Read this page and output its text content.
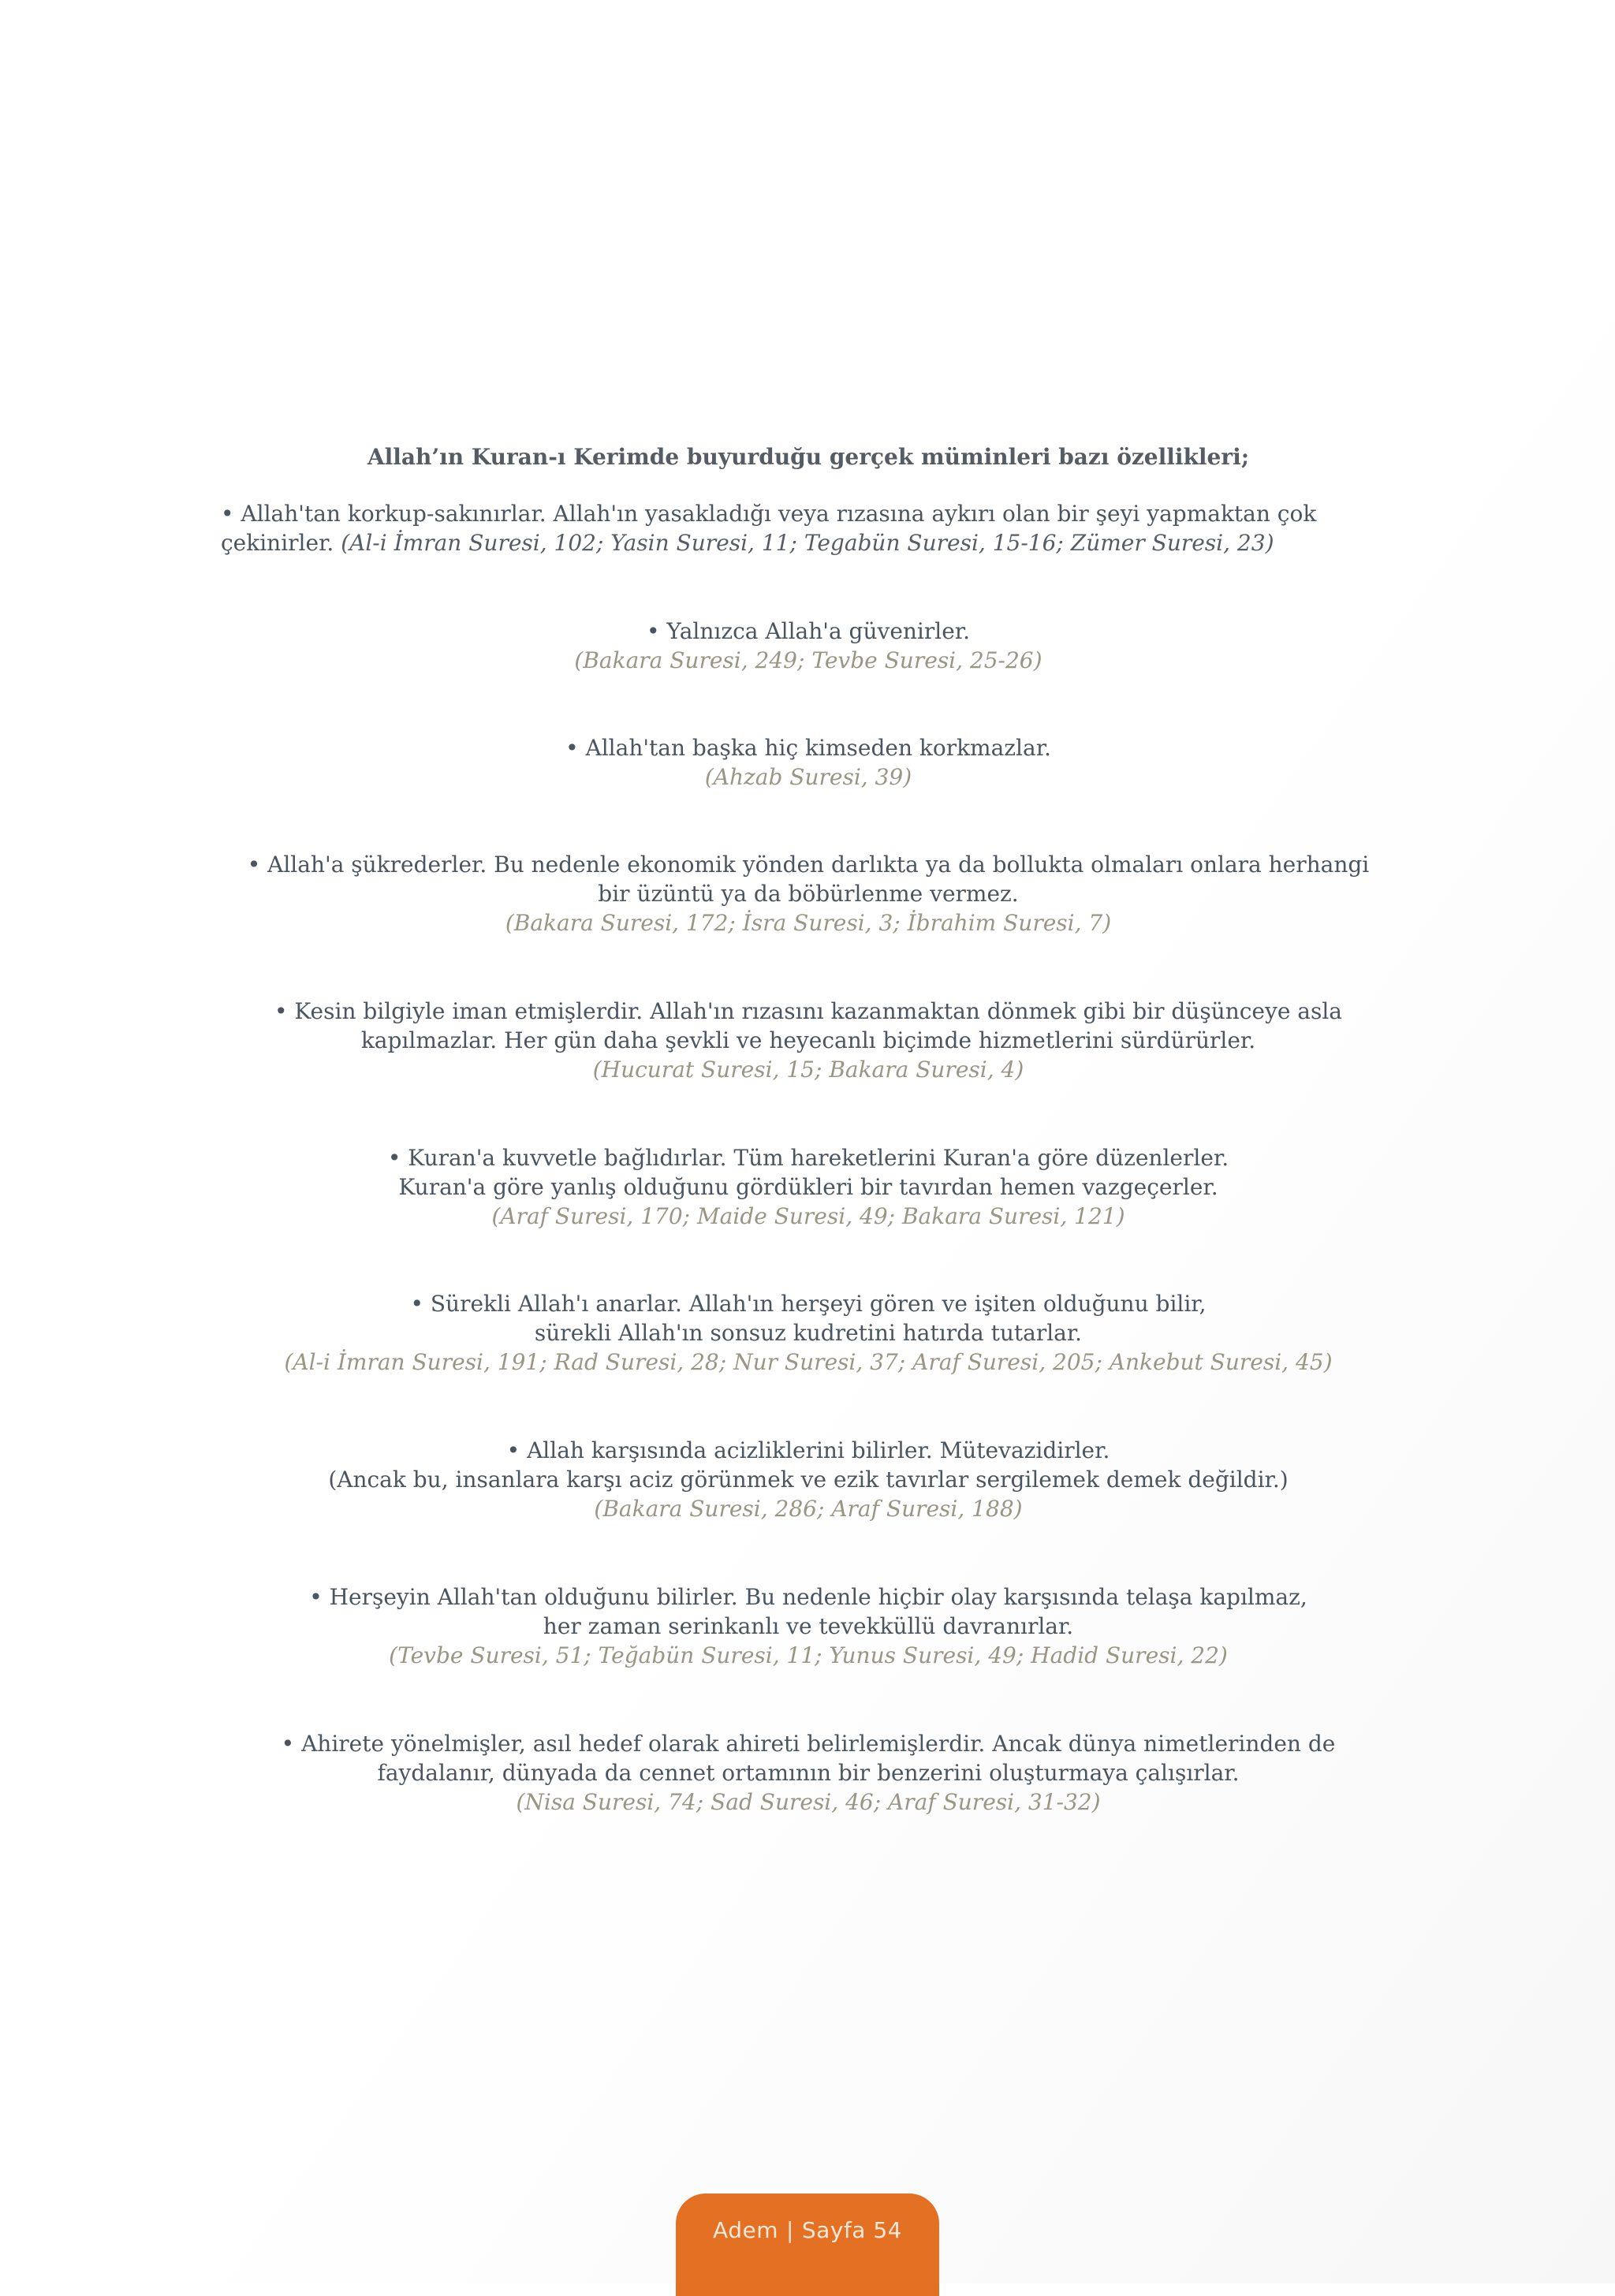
Allah’ın Kuran-ı Kerimde buyurduğu gerçek müminleri bazı özellikleri;
• Allah'tan korkup-sakınırlar. Allah'ın yasakladığı veya rızasına aykırı olan bir şeyi yapmaktan çok
çekinirler. (Al-i İmran Suresi, 102; Yasin Suresi, 11; Tegabün Suresi, 15-16; Zümer Suresi, 23)
• Yalnızca Allah'a güvenirler.
(Bakara Suresi, 249; Tevbe Suresi, 25-26)
• Allah'tan başka hiç kimseden korkmazlar.
(Ahzab Suresi, 39)
• Allah'a şükrederler. Bu nedenle ekonomik yönden darlıkta ya da bollukta olmaları onlara herhangi
bir üzüntü ya da böbürlenme vermez.
(Bakara Suresi, 172; İsra Suresi, 3; İbrahim Suresi, 7)
• Kesin bilgiyle iman etmişlerdir. Allah'ın rızasını kazanmaktan dönmek gibi bir düşünceye asla
kapılmazlar. Her gün daha şevkli ve heyecanlı biçimde hizmetlerini sürdürürler.
(Hucurat Suresi, 15; Bakara Suresi, 4)
• Kuran'a kuvvetle bağlıdırlar. Tüm hareketlerini Kuran'a göre düzenlerler.
Kuran'a göre yanlış olduğunu gördükleri bir tavırdan hemen vazgeçerler.
(Araf Suresi, 170; Maide Suresi, 49; Bakara Suresi, 121)
• Sürekli Allah'ı anarlar. Allah'ın herşeyi gören ve işiten olduğunu bilir,
sürekli Allah'ın sonsuz kudretini hatırda tutarlar.
(Al-i İmran Suresi, 191; Rad Suresi, 28; Nur Suresi, 37; Araf Suresi, 205; Ankebut Suresi, 45)
• Allah karşısında acizliklerini bilirler. Mütevazidirler.
(Ancak bu, insanlara karşı aciz görünmek ve ezik tavırlar sergilemek demek değildir.)
(Bakara Suresi, 286; Araf Suresi, 188)
• Herşeyin Allah'tan olduğunu bilirler. Bu nedenle hiçbir olay karşısında telaşa kapılmaz,
her zaman serinkanlı ve tevekküllü davranırlar.
(Tevbe Suresi, 51; Teğabün Suresi, 11; Yunus Suresi, 49; Hadid Suresi, 22)
• Ahirete yönelmişler, asıl hedef olarak ahireti belirlemişlerdir. Ancak dünya nimetlerinden de
faydalanır, dünyada da cennet ortamının bir benzerini oluşturmaya çalışırlar.
(Nisa Suresi, 74; Sad Suresi, 46; Araf Suresi, 31-32)
Adem | Sayfa 54
